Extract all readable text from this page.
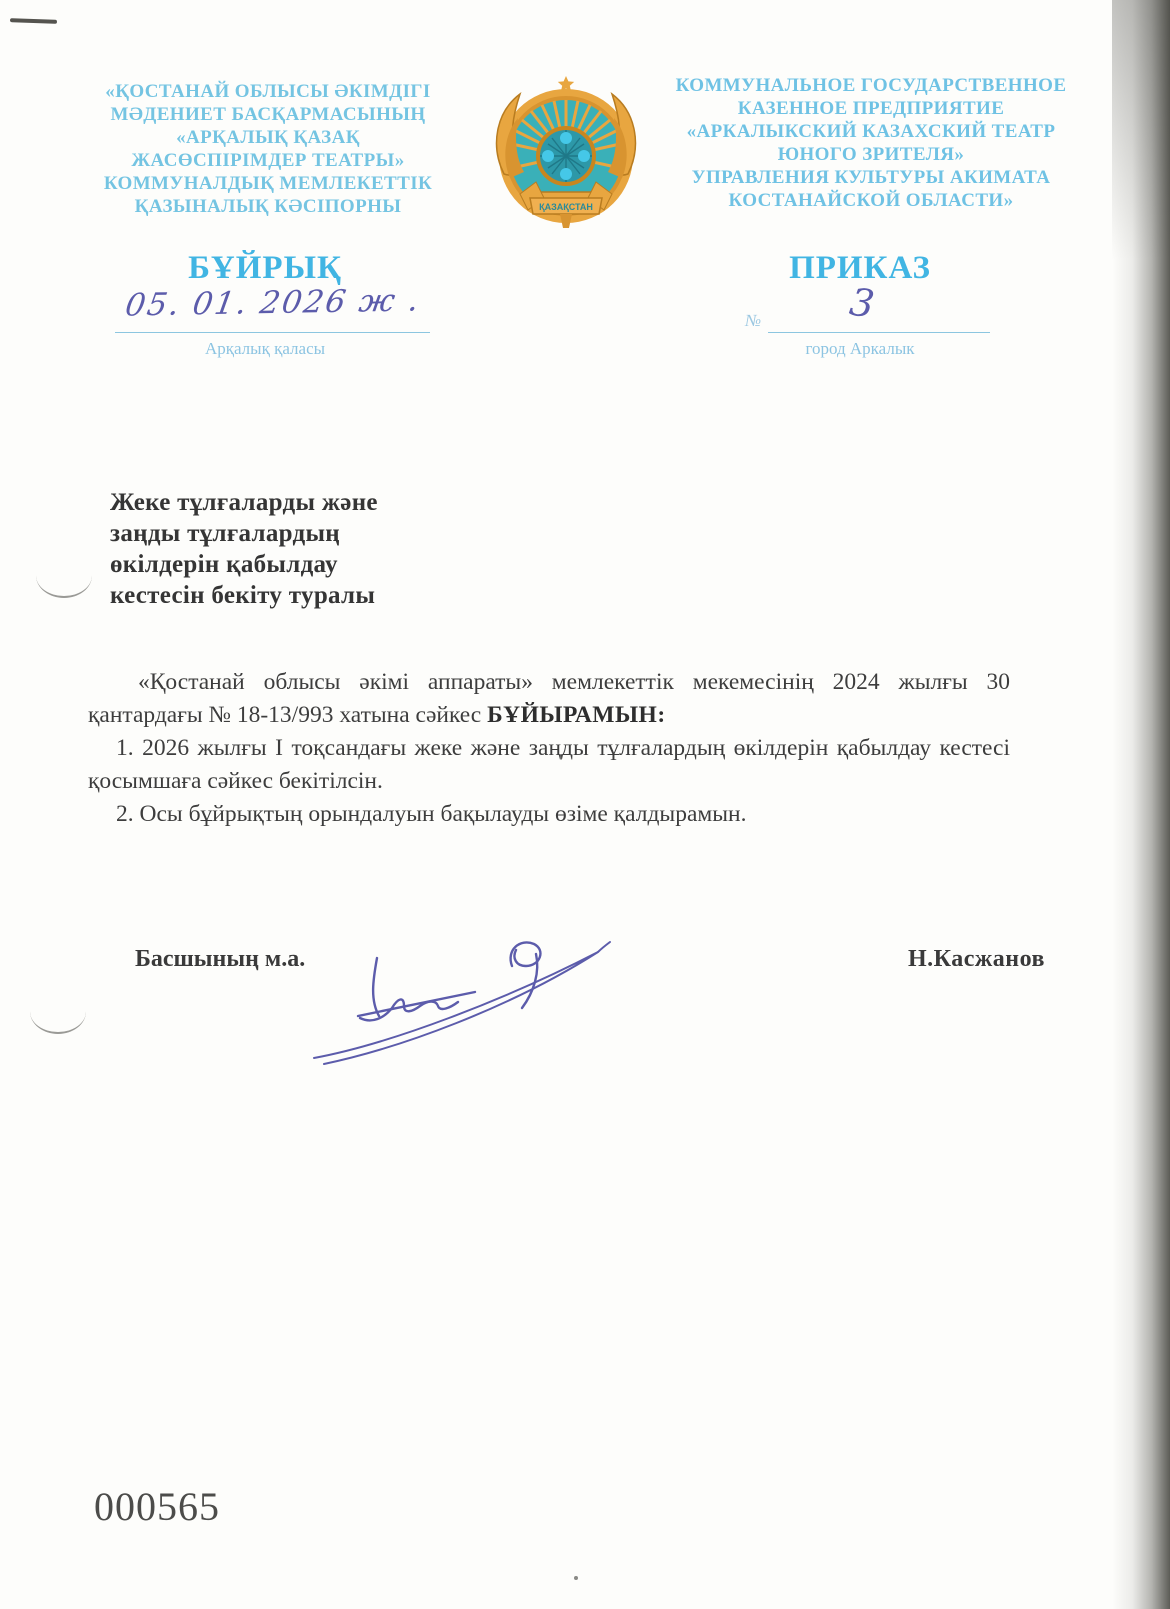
«ҚОСТАНАЙ ОБЛЫСЫ ӘКІМДІГІ
МӘДЕНИЕТ БАСҚАРМАСЫНЫҢ
«АРҚАЛЫҚ ҚАЗАҚ
ЖАСӨСПІРІМДЕР ТЕАТРЫ»
КОММУНАЛДЫҚ МЕМЛЕКЕТТІК
ҚАЗЫНАЛЫҚ КӘСІПОРНЫ	ҚАЗАҚСТАН
КОММУНАЛЬНОЕ ГОСУДАРСТВЕННОЕ
КАЗЕННОЕ ПРЕДПРИЯТИЕ
«АРКАЛЫКСКИЙ КАЗАХСКИЙ ТЕАТР
ЮНОГО ЗРИТЕЛЯ»
УПРАВЛЕНИЯ КУЛЬТУРЫ АКИМАТА
КОСТАНАЙСКОЙ ОБЛАСТИ»
БҰЙРЫҚ
05. 01. 2026 ж .
Арқалық қаласы
ПРИКАЗ
№ 3
город Аркалык
Жеке тұлғаларды және
заңды тұлғалардың
өкілдерін қабылдау
кестесін бекіту туралы

«Қостанай облысы әкімі аппараты» мемлекеттік мекемесінің 2024 жылғы 30 қантардағы № 18-13/993 хатына сәйкес БҰЙЫРАМЫН:

1. 2026 жылғы I тоқсандағы жеке және заңды тұлғалардың өкілдерін қабылдау кестесі қосымшаға сәйкес бекітілсін.

2. Осы бұйрықтың орындалуын бақылауды өзіме қалдырамын.

Басшының м.а.	Н.Касжанов
000565
